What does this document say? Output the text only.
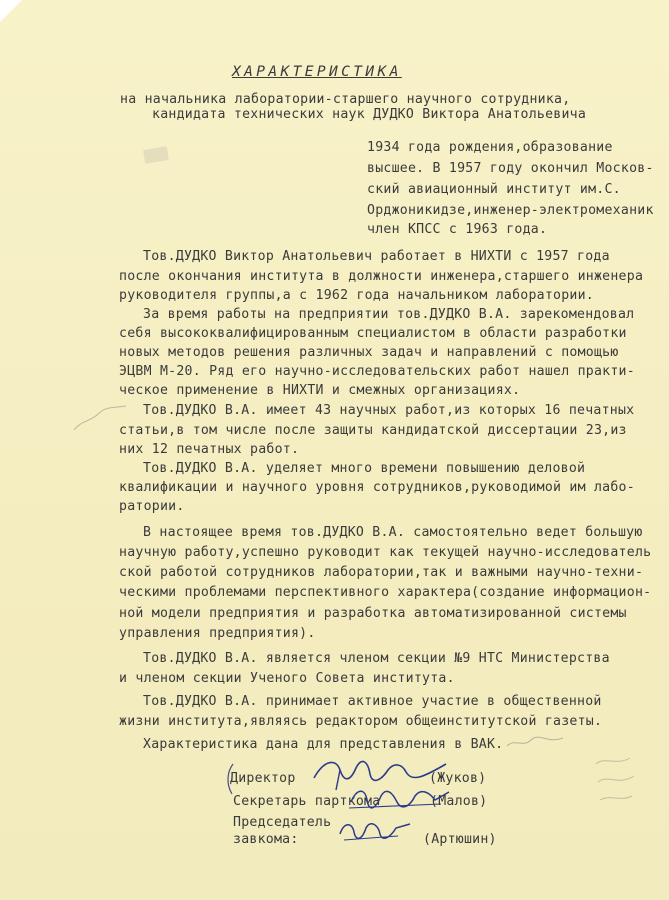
ХАРАКТЕРИСТИКА
на начальника лаборатории-старшего научного сотрудника,
кандидата технических наук ДУДКО Виктора Анатольевича
1934 года рождения,образование
высшее. В 1957 году окончил Москов-
ский авиационный институт им.С.
Орджоникидзе,инженер-электромеханик
член КПСС с 1963 года.
Тов.ДУДКО Виктор Анатольевич работает в НИХТИ с 1957 года
после окончания института в должности инженера,старшего инженера
руководителя группы,а с 1962 года начальником лаборатории.
За время работы на предприятии тов.ДУДКО В.А. зарекомендовал
себя высококвалифицированным специалистом в области разработки
новых методов решения различных задач и направлений с помощью
ЭЦВМ М-20. Ряд его научно-исследовательских работ нашел практи-
ческое применение в НИХТИ и смежных организациях.
Тов.ДУДКО В.А. имеет 43 научных работ,из которых 16 печатных
статьи,в том числе после защиты кандидатской диссертации 23,из
них 12 печатных работ.
Тов.ДУДКО В.А. уделяет много времени повышению деловой
квалификации и научного уровня сотрудников,руководимой им лабо-
ратории.
В настоящее время тов.ДУДКО В.А. самостоятельно ведет большую
научную работу,успешно руководит как текущей научно-исследователь
ской работой сотрудников лаборатории,так и важными научно-техни-
ческими проблемами перспективного характера(создание информацион-
ной модели предприятия и разработка автоматизированной системы
управления предприятия).
Тов.ДУДКО В.А. является членом секции №9 НТС Министерства
и членом секции Ученого Совета института.
Тов.ДУДКО В.А. принимает активное участие в общественной
жизни института,являясь редактором общеинститутской газеты.
Характеристика дана для представления в ВАК.
Директор	(Жуков)
Секретарь парткома	(Малов)
Председатель
завкома:	(Артюшин)
